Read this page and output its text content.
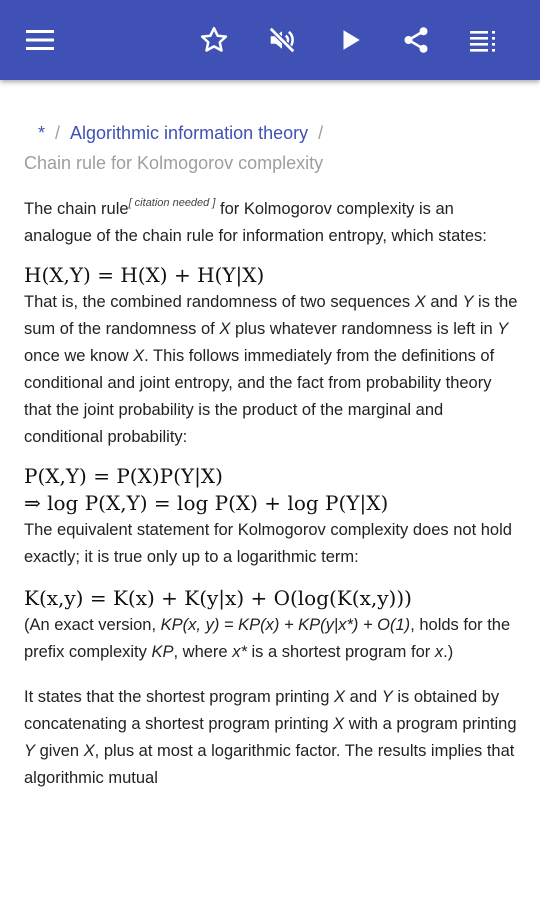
* / Algorithmic information theory /
Chain rule for Kolmogorov complexity
The chain rule[ citation needed ] for Kolmogorov complexity is an analogue of the chain rule for information entropy, which states:
H(X,Y) = H(X) + H(Y|X)
That is, the combined randomness of two sequences X and Y is the sum of the randomness of X plus whatever randomness is left in Y once we know X. This follows immediately from the definitions of conditional and joint entropy, and the fact from probability theory that the joint probability is the product of the marginal and conditional probability:
P(X,Y) = P(X)P(Y|X)
⇒ log P(X,Y) = log P(X) + log P(Y|X)
The equivalent statement for Kolmogorov complexity does not hold exactly; it is true only up to a logarithmic term:
K(x,y) = K(x) + K(y|x) + O(log(K(x,y)))
(An exact version, KP(x, y) = KP(x) + KP(y|x*) + O(1), holds for the prefix complexity KP, where x* is a shortest program for x.)
It states that the shortest program printing X and Y is obtained by concatenating a shortest program printing X with a program printing Y given X, plus at most a logarithmic factor. The results implies that algorithmic mutual
